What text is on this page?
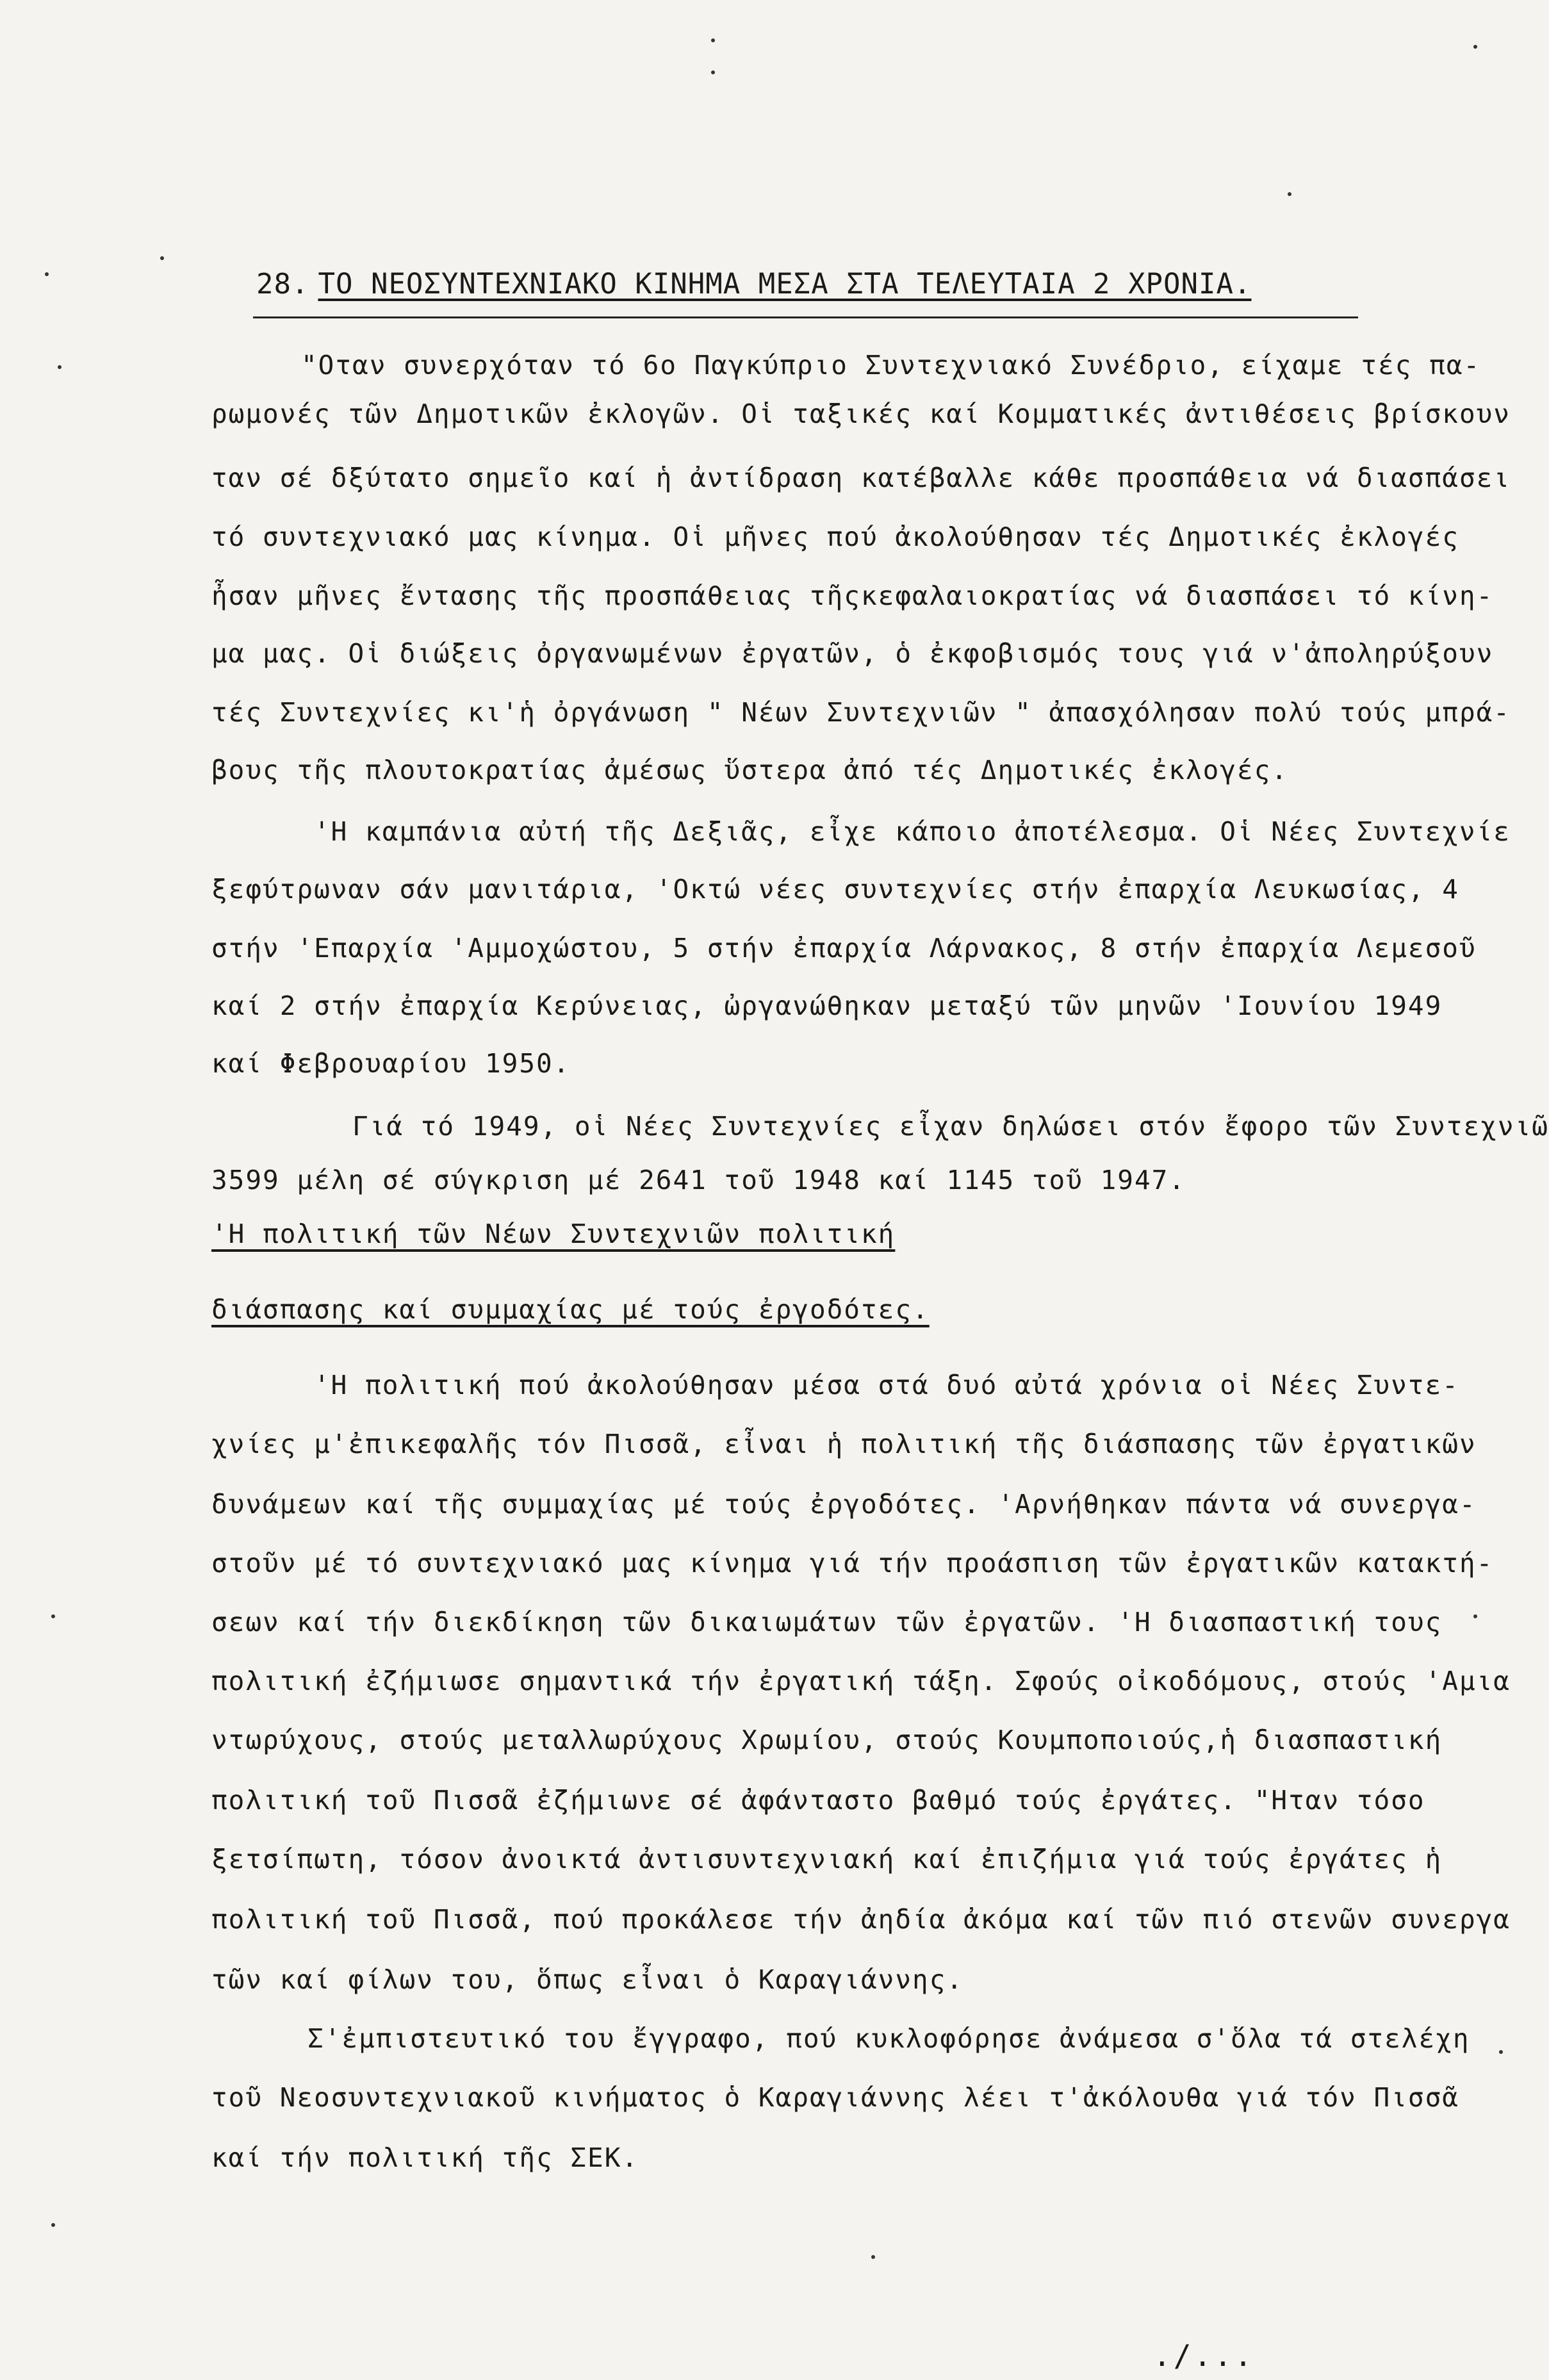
28. ΤΟ ΝΕΟΣΥΝΤΕΧΝΙΑΚΟ ΚΙΝΗΜΑ ΜΕΣΑ ΣΤΑ ΤΕΛΕΥΤΑΙΑ 2 ΧΡΟΝΙΑ.
"Οταν συνερχόταν τό 6ο Παγκύπριο Συντεχνιακό Συνέδριο, είχαμε τές πα-
ρωμονές τῶν Δημοτικῶν ἐκλογῶν. Οἱ ταξικές καί Κομματικές ἀντιθέσεις βρίσκουν
ταν σέ δξύτατο σημεῖο καί ἡ ἀντίδραση κατέβαλλε κάθε προσπάθεια νά διασπάσει
τό συντεχνιακό μας κίνημα. Οἱ μῆνες πού ἀκολούθησαν τές Δημοτικές ἐκλογές
ἦσαν μῆνες ἔντασης τῆς προσπάθειας τῆςκεφαλαιοκρατίας νά διασπάσει τό κίνη-
μα μας. Οἱ διώξεις ὀργανωμένων ἐργατῶν, ὁ ἐκφοβισμός τους γιά ν'ἀποληρύξουν
τές Συντεχνίες κι'ἡ ὀργάνωση " Νέων Συντεχνιῶν " ἀπασχόλησαν πολύ τούς μπρά-
βους τῆς πλουτοκρατίας ἀμέσως ὕστερα ἀπό τές Δημοτικές ἐκλογές.
'Η καμπάνια αὐτή τῆς Δεξιᾶς, εἶχε κάποιο ἀποτέλεσμα. Οἱ Νέες Συντεχνίε
ξεφύτρωναν σάν μανιτάρια, 'Οκτώ νέες συντεχνίες στήν ἐπαρχία Λευκωσίας, 4
στήν 'Επαρχία 'Αμμοχώστου, 5 στήν ἐπαρχία Λάρνακος, 8 στήν ἐπαρχία Λεμεσοῦ
καί 2 στήν ἐπαρχία Κερύνειας, ὠργανώθηκαν μεταξύ τῶν μηνῶν 'Ιουνίου 1949
καί Φεβρουαρίου 1950.
Γιά τό 1949, οἱ Νέες Συντεχνίες εἶχαν δηλώσει στόν ἔφορο τῶν Συντεχνιῶ
3599 μέλη σέ σύγκριση μέ 2641 τοῦ 1948 καί 1145 τοῦ 1947.
'Η πολιτική τῶν Νέων Συντεχνιῶν πολιτική
διάσπασης καί συμμαχίας μέ τούς ἐργοδότες.
'Η πολιτική πού ἀκολούθησαν μέσα στά δυό αὐτά χρόνια οἱ Νέες Συντε-
χνίες μ'ἐπικεφαλῆς τόν Πισσᾶ, εἶναι ἡ πολιτική τῆς διάσπασης τῶν ἐργατικῶν
δυνάμεων καί τῆς συμμαχίας μέ τούς ἐργοδότες. 'Αρνήθηκαν πάντα νά συνεργα-
στοῦν μέ τό συντεχνιακό μας κίνημα γιά τήν προάσπιση τῶν ἐργατικῶν κατακτή-
σεων καί τήν διεκδίκηση τῶν δικαιωμάτων τῶν ἐργατῶν. 'Η διασπαστική τους
πολιτική ἐζήμιωσε σημαντικά τήν ἐργατική τάξη. Σφούς οἰκοδόμους, στούς 'Αμια
ντωρύχους, στούς μεταλλωρύχους Χρωμίου, στούς Κουμποποιούς,ἡ διασπαστική
πολιτική τοῦ Πισσᾶ ἐζήμιωνε σέ ἀφάνταστο βαθμό τούς ἐργάτες. "Ηταν τόσο
ξετσίπωτη, τόσον ἀνοικτά ἀντισυντεχνιακή καί ἐπιζήμια γιά τούς ἐργάτες ἡ
πολιτική τοῦ Πισσᾶ, πού προκάλεσε τήν ἀηδία ἀκόμα καί τῶν πιό στενῶν συνεργα
τῶν καί φίλων του, ὅπως εἶναι ὁ Καραγιάννης.
Σ'ἐμπιστευτικό του ἔγγραφο, πού κυκλοφόρησε ἀνάμεσα σ'ὅλα τά στελέχη
τοῦ Νεοσυντεχνιακοῦ κινήματος ὁ Καραγιάννης λέει τ'ἀκόλουθα γιά τόν Πισσᾶ
καί τήν πολιτική τῆς ΣΕΚ.
./...
